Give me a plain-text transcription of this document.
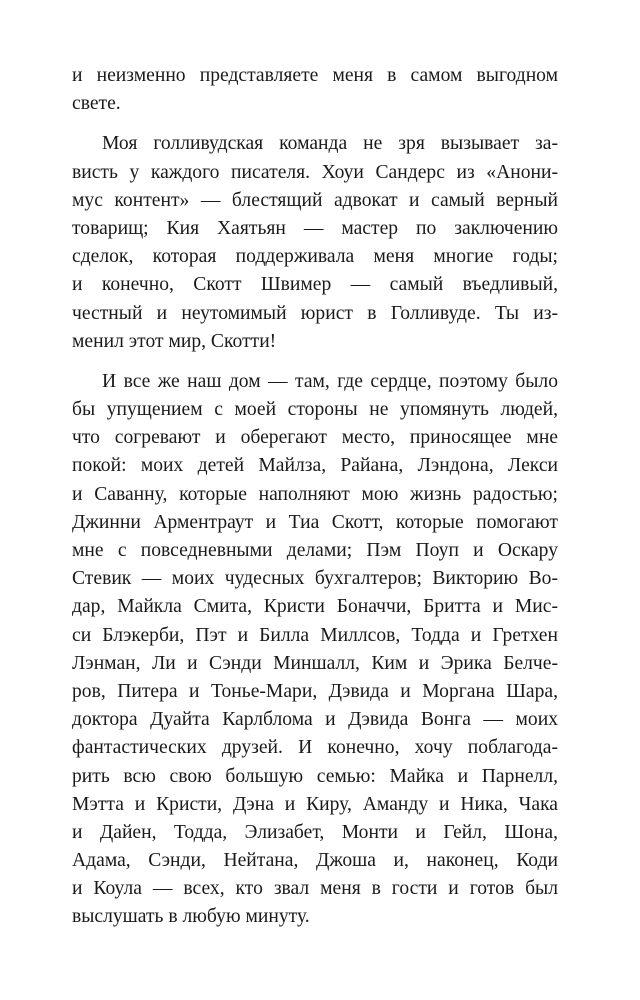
и неизменно представляете меня в самом выгодном
свете.
Моя голливудская команда не зря вызывает за-
висть у каждого писателя. Хоуи Сандерс из «Анони-
мус контент» — блестящий адвокат и самый верный
товарищ; Кия Хаятьян — мастер по заключению
сделок, которая поддерживала меня многие годы;
и конечно, Скотт Швимер — самый въедливый,
честный и неутомимый юрист в Голливуде. Ты из-
менил этот мир, Скотти!
И все же наш дом — там, где сердце, поэтому было
бы упущением с моей стороны не упомянуть людей,
что согревают и оберегают место, приносящее мне
покой: моих детей Майлза, Райана, Лэндона, Лекси
и Саванну, которые наполняют мою жизнь радостью;
Джинни Арментраут и Тиа Скотт, которые помогают
мне с повседневными делами; Пэм Поуп и Оскару
Стевик — моих чудесных бухгалтеров; Викторию Во-
дар, Майкла Смита, Кристи Боначчи, Бритта и Мис-
си Блэкерби, Пэт и Билла Миллсов, Тодда и Гретхен
Лэнман, Ли и Сэнди Миншалл, Ким и Эрика Белче-
ров, Питера и Тонье-Мари, Дэвида и Моргана Шара,
доктора Дуайта Карлблома и Дэвида Вонга — моих
фантастических друзей. И конечно, хочу поблагода-
рить всю свою большую семью: Майка и Парнелл,
Мэтта и Кристи, Дэна и Киру, Аманду и Ника, Чака
и Дайен, Тодда, Элизабет, Монти и Гейл, Шона,
Адама, Сэнди, Нейтана, Джоша и, наконец, Коди
и Коула — всех, кто звал меня в гости и готов был
выслушать в любую минуту.
